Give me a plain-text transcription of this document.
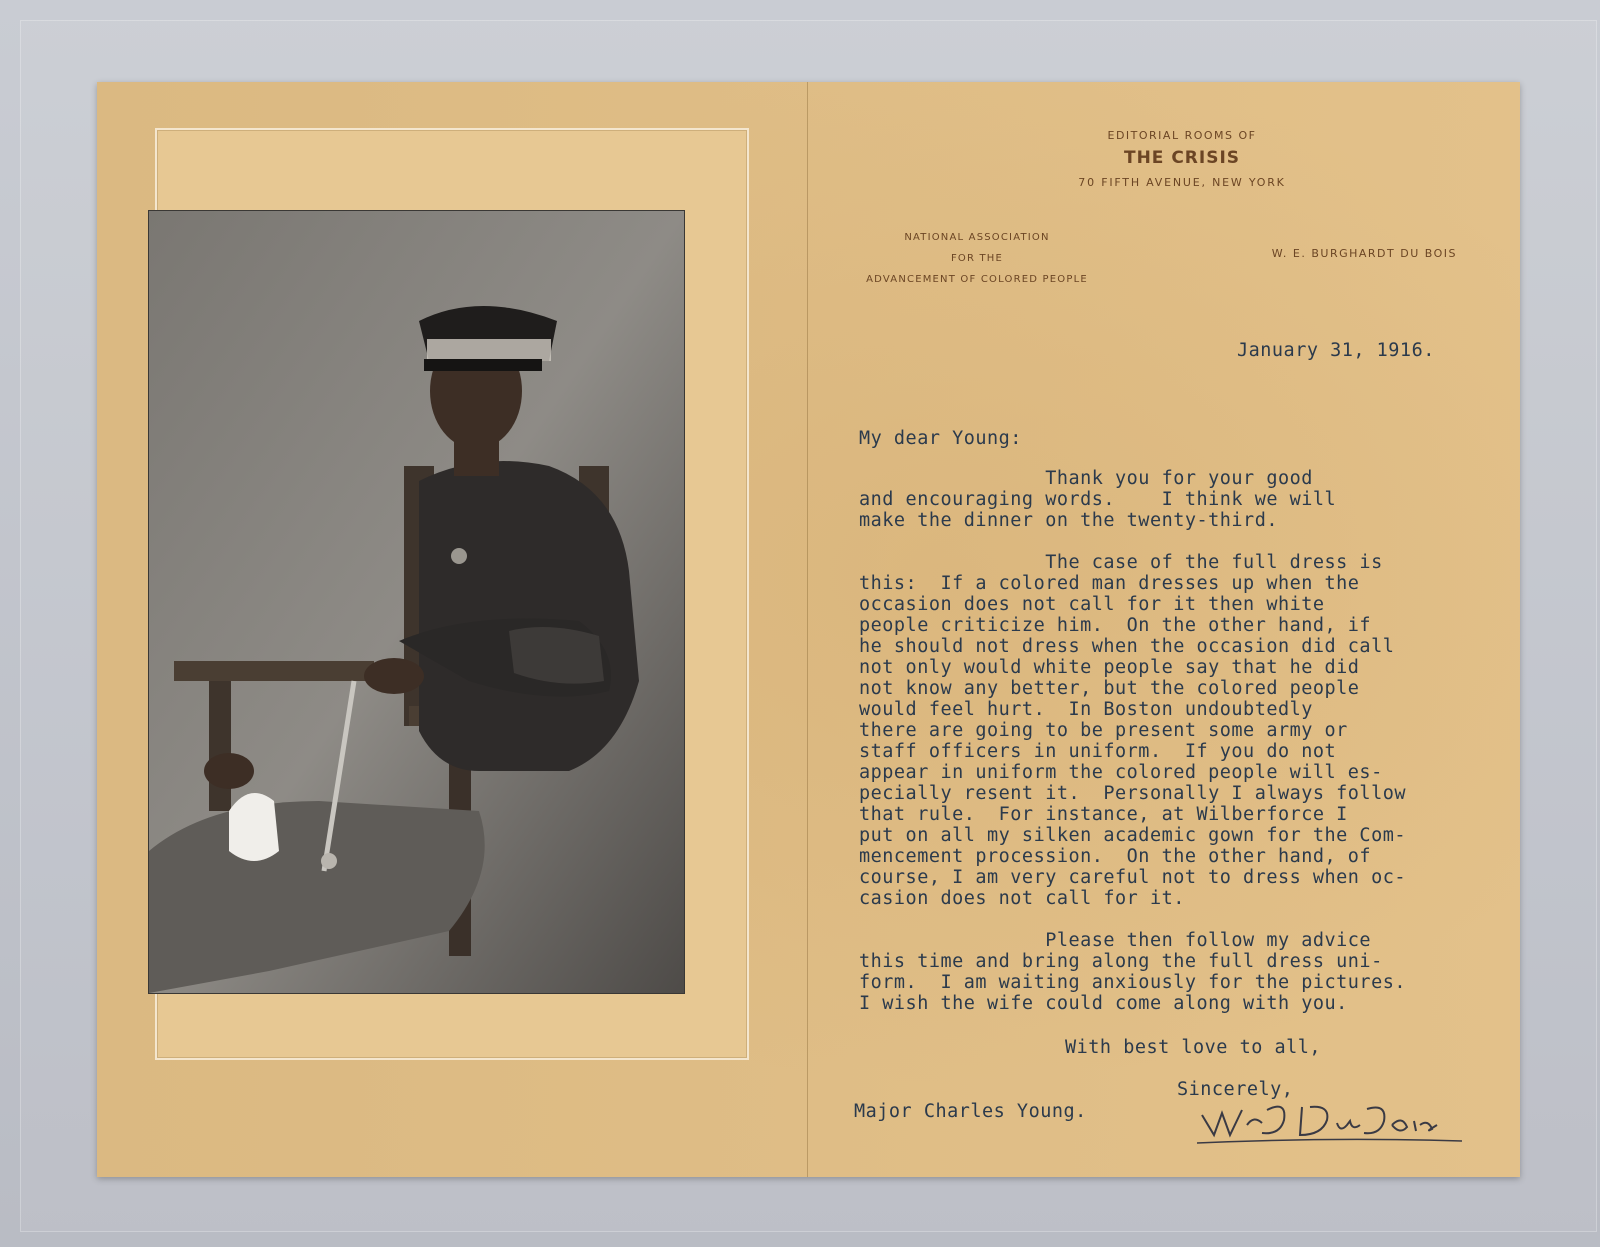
EDITORIAL ROOMS OF
THE CRISIS
70 FIFTH AVENUE, NEW YORK
NATIONAL ASSOCIATION
FOR THE
ADVANCEMENT OF COLORED PEOPLE
W. E. BURGHARDT DU BOIS
January 31, 1916.
My dear Young:
Thank you for your good
and encouraging words.    I think we will
make the dinner on the twenty-third.
The case of the full dress is
this:  If a colored man dresses up when the
occasion does not call for it then white
people criticize him.  On the other hand, if
he should not dress when the occasion did call
not only would white people say that he did
not know any better, but the colored people
would feel hurt.  In Boston undoubtedly
there are going to be present some army or
staff officers in uniform.  If you do not
appear in uniform the colored people will es-
pecially resent it.  Personally I always follow
that rule.  For instance, at Wilberforce I
put on all my silken academic gown for the Com-
mencement procession.  On the other hand, of
course, I am very careful not to dress when oc-
casion does not call for it.
Please then follow my advice
this time and bring along the full dress uni-
form.  I am waiting anxiously for the pictures.
I wish the wife could come along with you.
With best love to all,
Sincerely,
Major Charles Young.
